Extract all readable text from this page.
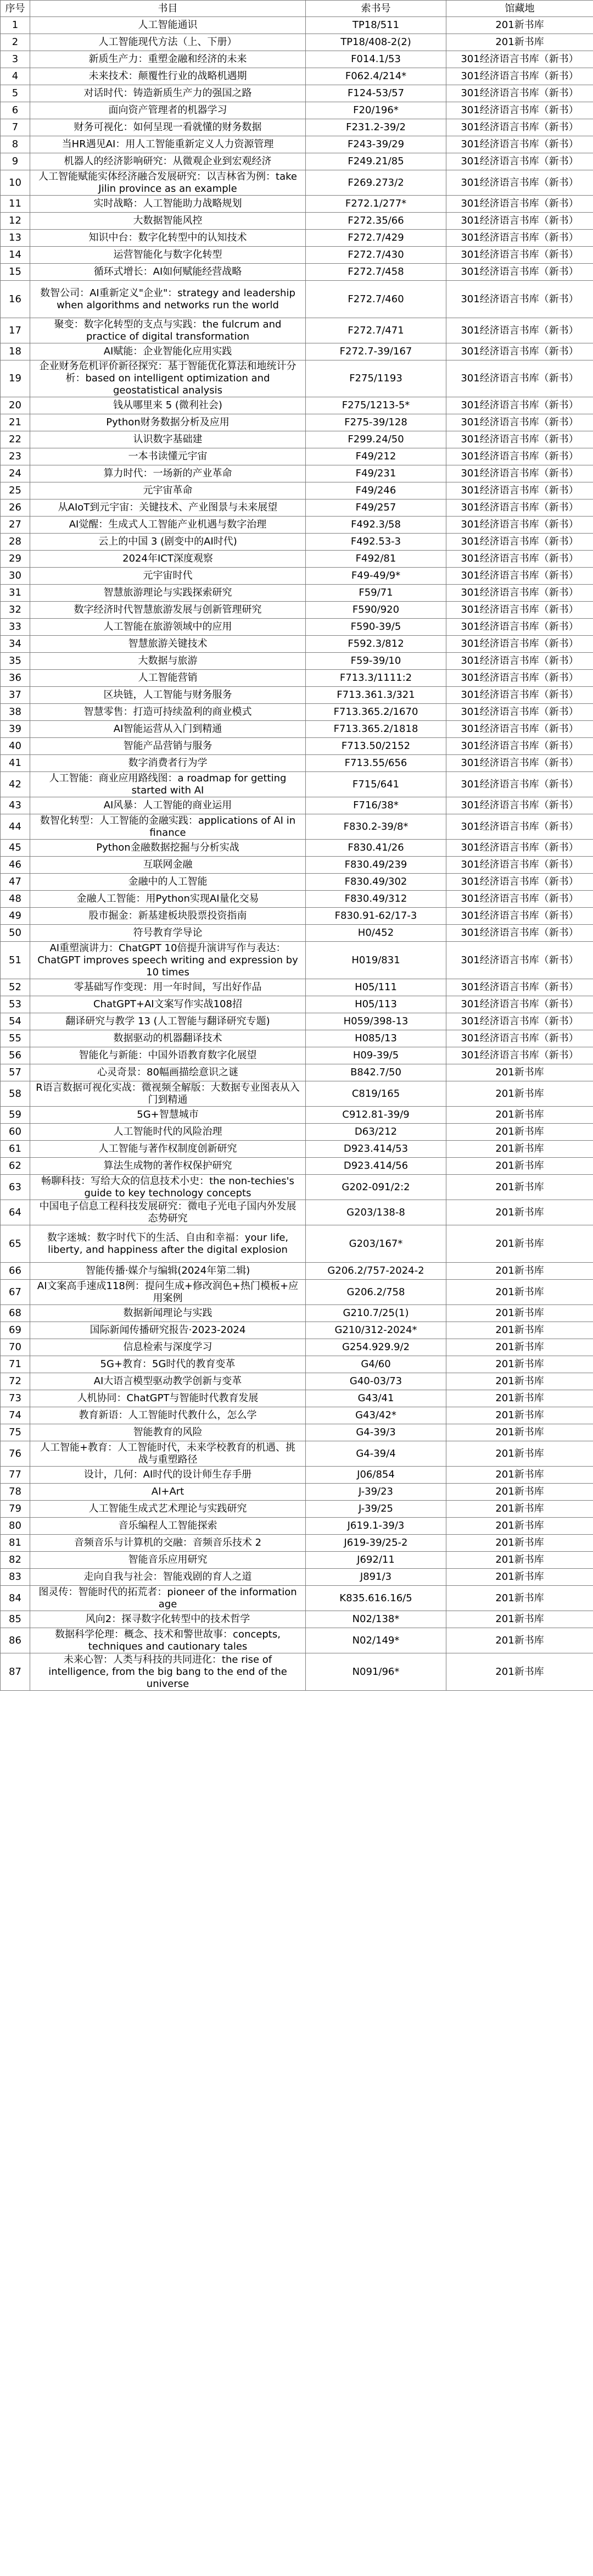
序号	书目	索书号	馆藏地
1	人工智能通识	TP18/511	201新书库
2	人工智能现代方法（上、下册）	TP18/408-2(2)	201新书库
3	新质生产力：重塑金融和经济的未来	F014.1/53	301经济语言书库（新书）
4	未来技术：颠覆性行业的战略机遇期	F062.4/214*	301经济语言书库（新书）
5	对话时代：铸造新质生产力的强国之路	F124-53/57	301经济语言书库（新书）
6	面向资产管理者的机器学习	F20/196*	301经济语言书库（新书）
7	财务可视化：如何呈现一看就懂的财务数据	F231.2-39/2	301经济语言书库（新书）
8	当HR遇见AI：用人工智能重新定义人力资源管理	F243-39/29	301经济语言书库（新书）
9	机器人的经济影响研究：从微观企业到宏观经济	F249.21/85	301经济语言书库（新书）
10	人工智能赋能实体经济融合发展研究：以吉林省为例：take Jilin province as an example	F269.273/2	301经济语言书库（新书）
11	实时战略：人工智能助力战略规划	F272.1/277*	301经济语言书库（新书）
12	大数据智能风控	F272.35/66	301经济语言书库（新书）
13	知识中台：数字化转型中的认知技术	F272.7/429	301经济语言书库（新书）
14	运营智能化与数字化转型	F272.7/430	301经济语言书库（新书）
15	循环式增长：AI如何赋能经营战略	F272.7/458	301经济语言书库（新书）
16	数智公司：AI重新定义"企业"：strategy and leadership when algorithms and networks run the world	F272.7/460	301经济语言书库（新书）
17	聚变：数字化转型的支点与实践：the fulcrum and practice of digital transformation	F272.7/471	301经济语言书库（新书）
18	AI赋能：企业智能化应用实践	F272.7-39/167	301经济语言书库（新书）
19	企业财务危机评价新径探究：基于智能优化算法和地统计分析：based on intelligent optimization and geostatistical analysis	F275/1193	301经济语言书库（新书）
20	钱从哪里来 5 (微利社会)	F275/1213-5*	301经济语言书库（新书）
21	Python财务数据分析及应用	F275-39/128	301经济语言书库（新书）
22	认识数字基础建	F299.24/50	301经济语言书库（新书）
23	一本书读懂元宇宙	F49/212	301经济语言书库（新书）
24	算力时代：一场新的产业革命	F49/231	301经济语言书库（新书）
25	元宇宙革命	F49/246	301经济语言书库（新书）
26	从AIoT到元宇宙：关键技术、产业图景与未来展望	F49/257	301经济语言书库（新书）
27	AI觉醒：生成式人工智能产业机遇与数字治理	F492.3/58	301经济语言书库（新书）
28	云上的中国 3 (剧变中的AI时代)	F492.53-3	301经济语言书库（新书）
29	2024年ICT深度观察	F492/81	301经济语言书库（新书）
30	元宇宙时代	F49-49/9*	301经济语言书库（新书）
31	智慧旅游理论与实践探索研究	F59/71	301经济语言书库（新书）
32	数字经济时代智慧旅游发展与创新管理研究	F590/920	301经济语言书库（新书）
33	人工智能在旅游领域中的应用	F590-39/5	301经济语言书库（新书）
34	智慧旅游关键技术	F592.3/812	301经济语言书库（新书）
35	大数据与旅游	F59-39/10	301经济语言书库（新书）
36	人工智能营销	F713.3/1111:2	301经济语言书库（新书）
37	区块链，人工智能与财务服务	F713.361.3/321	301经济语言书库（新书）
38	智慧零售：打造可持续盈利的商业模式	F713.365.2/1670	301经济语言书库（新书）
39	AI智能运营从入门到精通	F713.365.2/1818	301经济语言书库（新书）
40	智能产品营销与服务	F713.50/2152	301经济语言书库（新书）
41	数字消费者行为学	F713.55/656	301经济语言书库（新书）
42	人工智能：商业应用路线图：a roadmap for getting started with AI	F715/641	301经济语言书库（新书）
43	AI风暴：人工智能的商业运用	F716/38*	301经济语言书库（新书）
44	数智化转型：人工智能的金融实践：applications of AI in finance	F830.2-39/8*	301经济语言书库（新书）
45	Python金融数据挖掘与分析实战	F830.41/26	301经济语言书库（新书）
46	互联网金融	F830.49/239	301经济语言书库（新书）
47	金融中的人工智能	F830.49/302	301经济语言书库（新书）
48	金融人工智能：用Python实现AI量化交易	F830.49/312	301经济语言书库（新书）
49	股市掘金：新基建板块股票投资指南	F830.91-62/17-3	301经济语言书库（新书）
50	符号教育学导论	H0/452	301经济语言书库（新书）
51	AI重塑演讲力：ChatGPT 10倍提升演讲写作与表达：ChatGPT improves speech writing and expression by 10 times	H019/831	301经济语言书库（新书）
52	零基础写作变现：用一年时间，写出好作品	H05/111	301经济语言书库（新书）
53	ChatGPT+AI文案写作实战108招	H05/113	301经济语言书库（新书）
54	翻译研究与教学 13 (人工智能与翻译研究专题)	H059/398-13	301经济语言书库（新书）
55	数据驱动的机器翻译技术	H085/13	301经济语言书库（新书）
56	智能化与新能：中国外语教育数字化展望	H09-39/5	301经济语言书库（新书）
57	心灵奇景：80幅画描绘意识之谜	B842.7/50	201新书库
58	R语言数据可视化实战：微视频全解版：大数据专业图表从入门到精通	C819/165	201新书库
59	5G+智慧城市	C912.81-39/9	201新书库
60	人工智能时代的风险治理	D63/212	201新书库
61	人工智能与著作权制度创新研究	D923.414/53	201新书库
62	算法生成物的著作权保护研究	D923.414/56	201新书库
63	畅聊科技：写给大众的信息技术小史：the non-techies's guide to key technology concepts	G202-091/2:2	201新书库
64	中国电子信息工程科技发展研究：微电子光电子国内外发展态势研究	G203/138-8	201新书库
65	数字迷城：数字时代下的生活、自由和幸福：your life, liberty, and happiness after the digital explosion	G203/167*	201新书库
66	智能传播·媒介与编辑(2024年第二辑)	G206.2/757-2024-2	201新书库
67	AI文案高手速成118例：提问生成+修改润色+热门模板+应用案例	G206.2/758	201新书库
68	数据新闻理论与实践	G210.7/25(1)	201新书库
69	国际新闻传播研究报告·2023-2024	G210/312-2024*	201新书库
70	信息检索与深度学习	G254.929.9/2	201新书库
71	5G+教育：5G时代的教育变革	G4/60	201新书库
72	AI大语言模型驱动教学创新与变革	G40-03/73	201新书库
73	人机协同：ChatGPT与智能时代教育发展	G43/41	201新书库
74	教育新语：人工智能时代教什么，怎么学	G43/42*	201新书库
75	智能教育的风险	G4-39/3	201新书库
76	人工智能+教育：人工智能时代，未来学校教育的机遇、挑战与重塑路径	G4-39/4	201新书库
77	设计，几何：AI时代的设计师生存手册	J06/854	201新书库
78	AI+Art	J-39/23	201新书库
79	人工智能生成式艺术理论与实践研究	J-39/25	201新书库
80	音乐编程人工智能探索	J619.1-39/3	201新书库
81	音频音乐与计算机的交融：音频音乐技术 2	J619-39/25-2	201新书库
82	智能音乐应用研究	J692/11	201新书库
83	走向自我与社会：智能戏剧的育人之道	J891/3	201新书库
84	图灵传：智能时代的拓荒者：pioneer of the information age	K835.616.16/5	201新书库
85	风向2：探寻数字化转型中的技术哲学	N02/138*	201新书库
86	数据科学伦理：概念、技术和警世故事：concepts, techniques and cautionary tales	N02/149*	201新书库
87	未来心智：人类与科技的共同进化：the rise of intelligence, from the big bang to the end of the universe	N091/96*	201新书库
